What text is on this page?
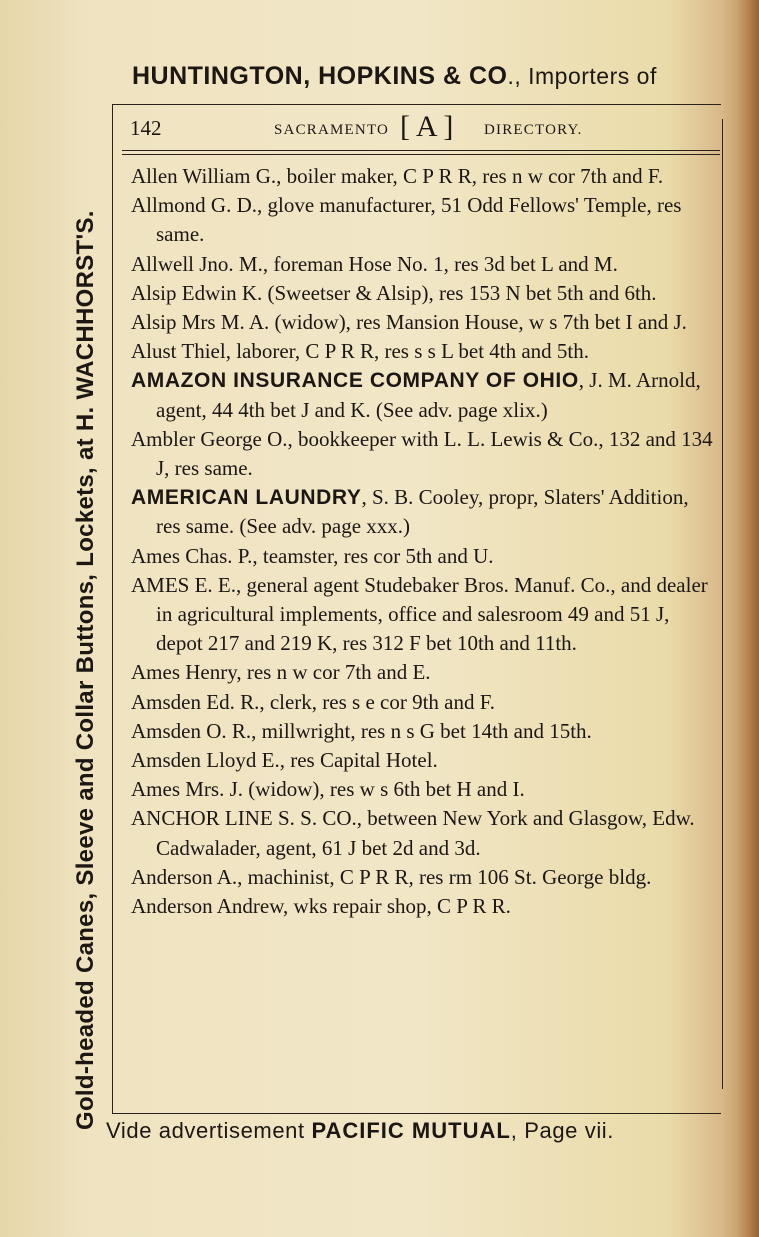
HUNTINGTON, HOPKINS & CO., Importers of
Gold-headed Canes, Sleeve and Collar Buttons, Lockets, at H. WACHHORST'S.
142	SACRAMENTO [ A ] DIRECTORY.

Allen William G., boiler maker, C P R R, res n w cor 7th and F.

Allmond G. D., glove manufacturer, 51 Odd Fellows' Temple, res same.

Allwell Jno. M., foreman Hose No. 1, res 3d bet L and M.

Alsip Edwin K. (Sweetser & Alsip), res 153 N bet 5th and 6th.

Alsip Mrs M. A. (widow), res Mansion House, w s 7th bet I and J.

Alust Thiel, laborer, C P R R, res s s L bet 4th and 5th.

AMAZON INSURANCE COMPANY OF OHIO, J. M. Arnold, agent, 44 4th bet J and K. (See adv. page xlix.)

Ambler George O., bookkeeper with L. L. Lewis & Co., 132 and 134 J, res same.

AMERICAN LAUNDRY, S. B. Cooley, propr, Slaters' Addition, res same. (See adv. page xxx.)

Ames Chas. P., teamster, res cor 5th and U.

AMES E. E., general agent Studebaker Bros. Manuf. Co., and dealer in agricultural implements, office and salesroom 49 and 51 J, depot 217 and 219 K, res 312 F bet 10th and 11th.

Ames Henry, res n w cor 7th and E.

Amsden Ed. R., clerk, res s e cor 9th and F.

Amsden O. R., millwright, res n s G bet 14th and 15th.

Amsden Lloyd E., res Capital Hotel.

Ames Mrs. J. (widow), res w s 6th bet H and I.

ANCHOR LINE S. S. CO., between New York and Glasgow, Edw. Cadwalader, agent, 61 J bet 2d and 3d.

Anderson A., machinist, C P R R, res rm 106 St. George bldg.

Anderson Andrew, wks repair shop, C P R R.

Vide advertisement PACIFIC MUTUAL, Page vii.
